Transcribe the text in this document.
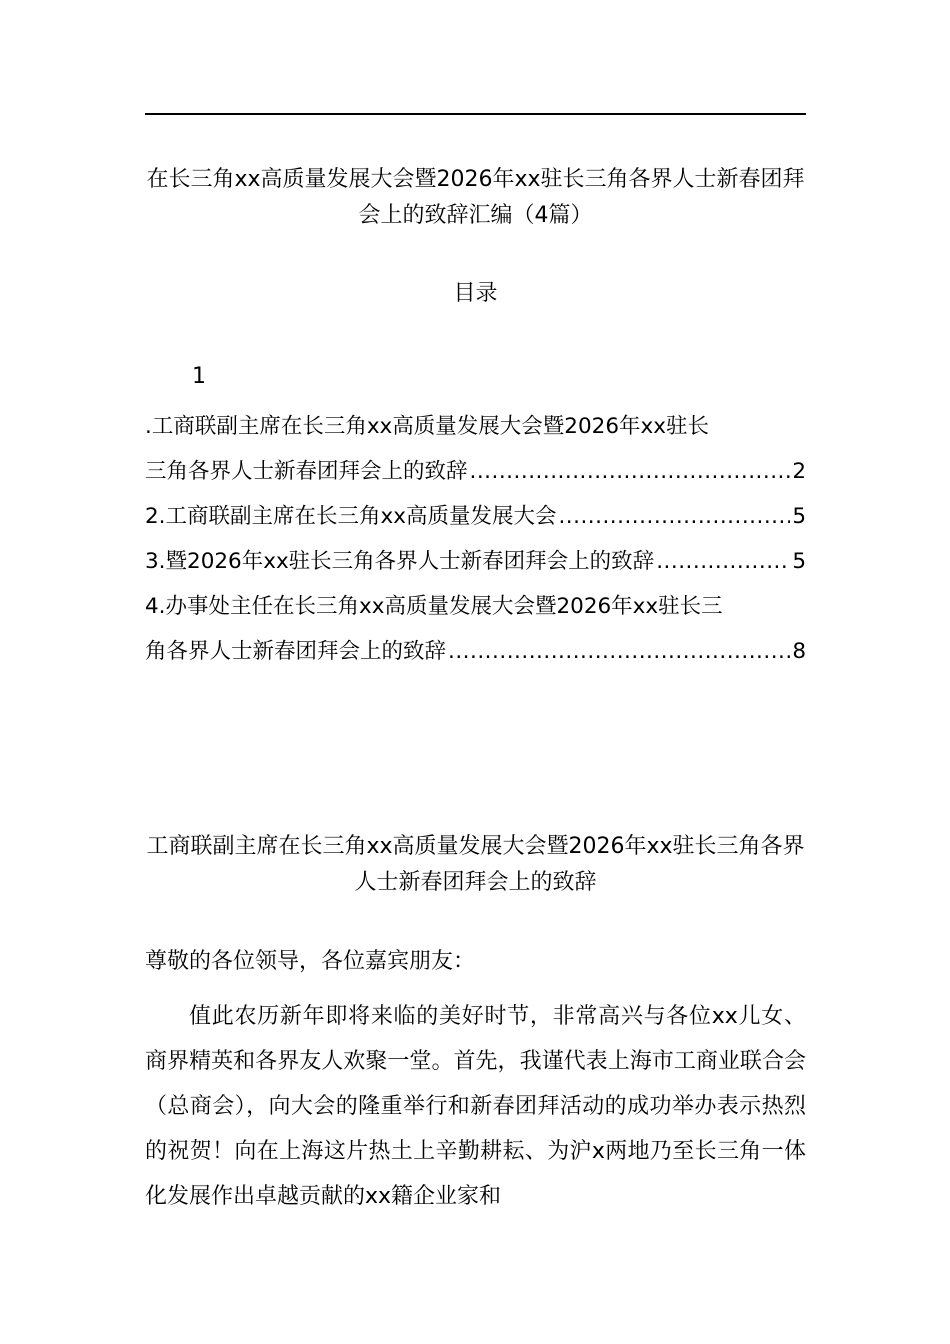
在长三角xx高质量发展大会暨2026年xx驻长三角各界人士新春团拜会上的致辞汇编（4篇）
目录
1
.工商联副主席在长三角xx高质量发展大会暨2026年xx驻长
三角各界人士新春团拜会上的致辞 .....	2
2.工商联副主席在长三角xx高质量发展大会 .....	5
3.暨2026年xx驻长三角各界人士新春团拜会上的致辞 .....	5
4.办事处主任在长三角xx高质量发展大会暨2026年xx驻长三
角各界人士新春团拜会上的致辞 .....	8
工商联副主席在长三角xx高质量发展大会暨2026年xx驻长三角各界人士新春团拜会上的致辞

尊敬的各位领导，各位嘉宾朋友：

值此农历新年即将来临的美好时节，非常高兴与各位xx儿女、商界精英和各界友人欢聚一堂。首先，我谨代表上海市工商业联合会（总商会），向大会的隆重举行和新春团拜活动的成功举办表示热烈的祝贺！向在上海这片热土上辛勤耕耘、为沪x两地乃至长三角一体化发展作出卓越贡献的xx籍企业家和
